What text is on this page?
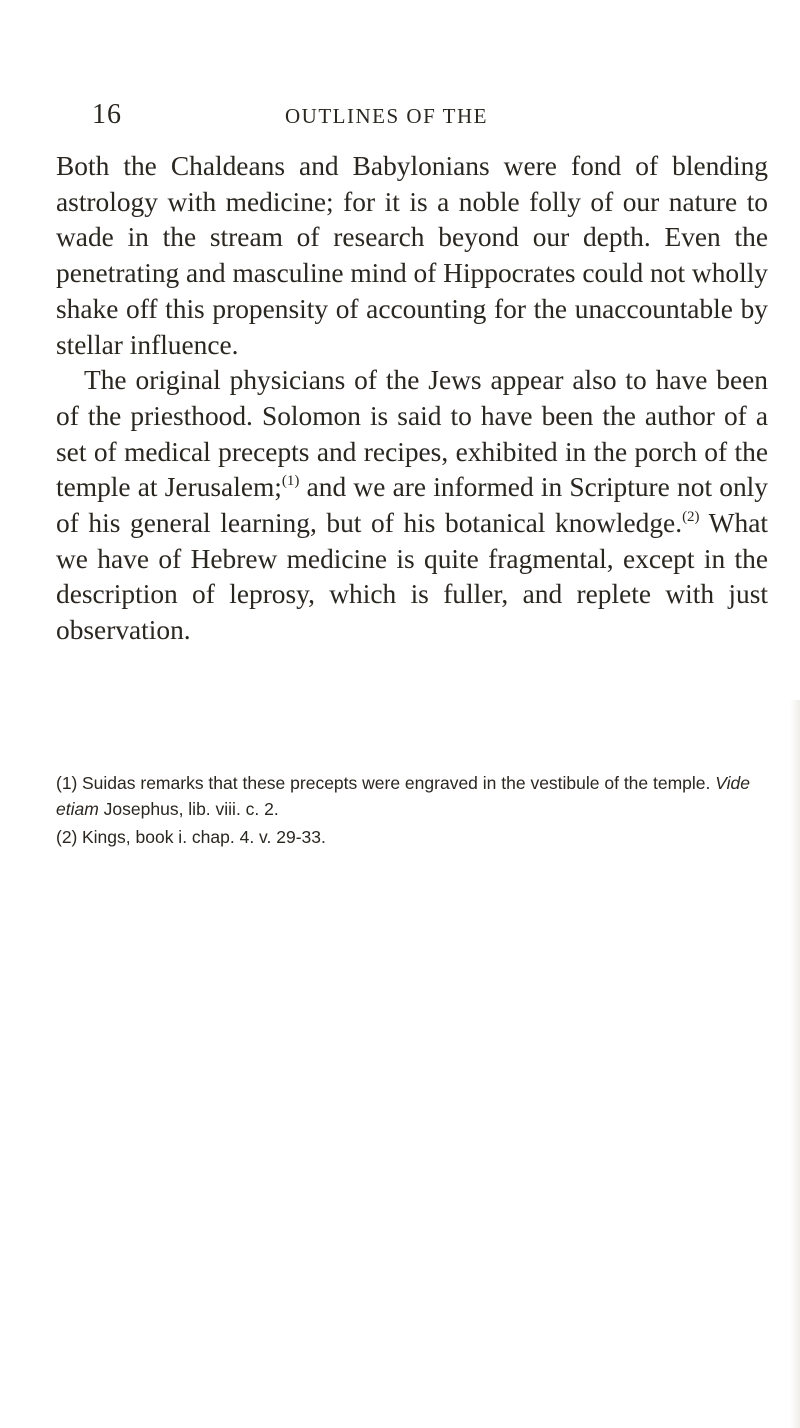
16	OUTLINES OF THE

Both the Chaldeans and Babylonians were fond of blending astrology with medicine; for it is a noble folly of our nature to wade in the stream of research beyond our depth. Even the penetrating and masculine mind of Hippocrates could not wholly shake off this propensity of accounting for the unaccountable by stellar influence.

The original physicians of the Jews appear also to have been of the priesthood. Solomon is said to have been the author of a set of medical precepts and recipes, exhibited in the porch of the temple at Jerusalem;$^{(1)}$ and we are informed in Scripture not only of his general learning, but of his botanical knowledge.$^{(2)}$ What we have of Hebrew medicine is quite fragmental, except in the description of leprosy, which is fuller, and replete with just observation.

(1) Suidas remarks that these precepts were engraved in the vestibule of the temple. Vide etiam Josephus, lib. viii. c. 2.

(2) Kings, book i. chap. 4. v. 29-33.
